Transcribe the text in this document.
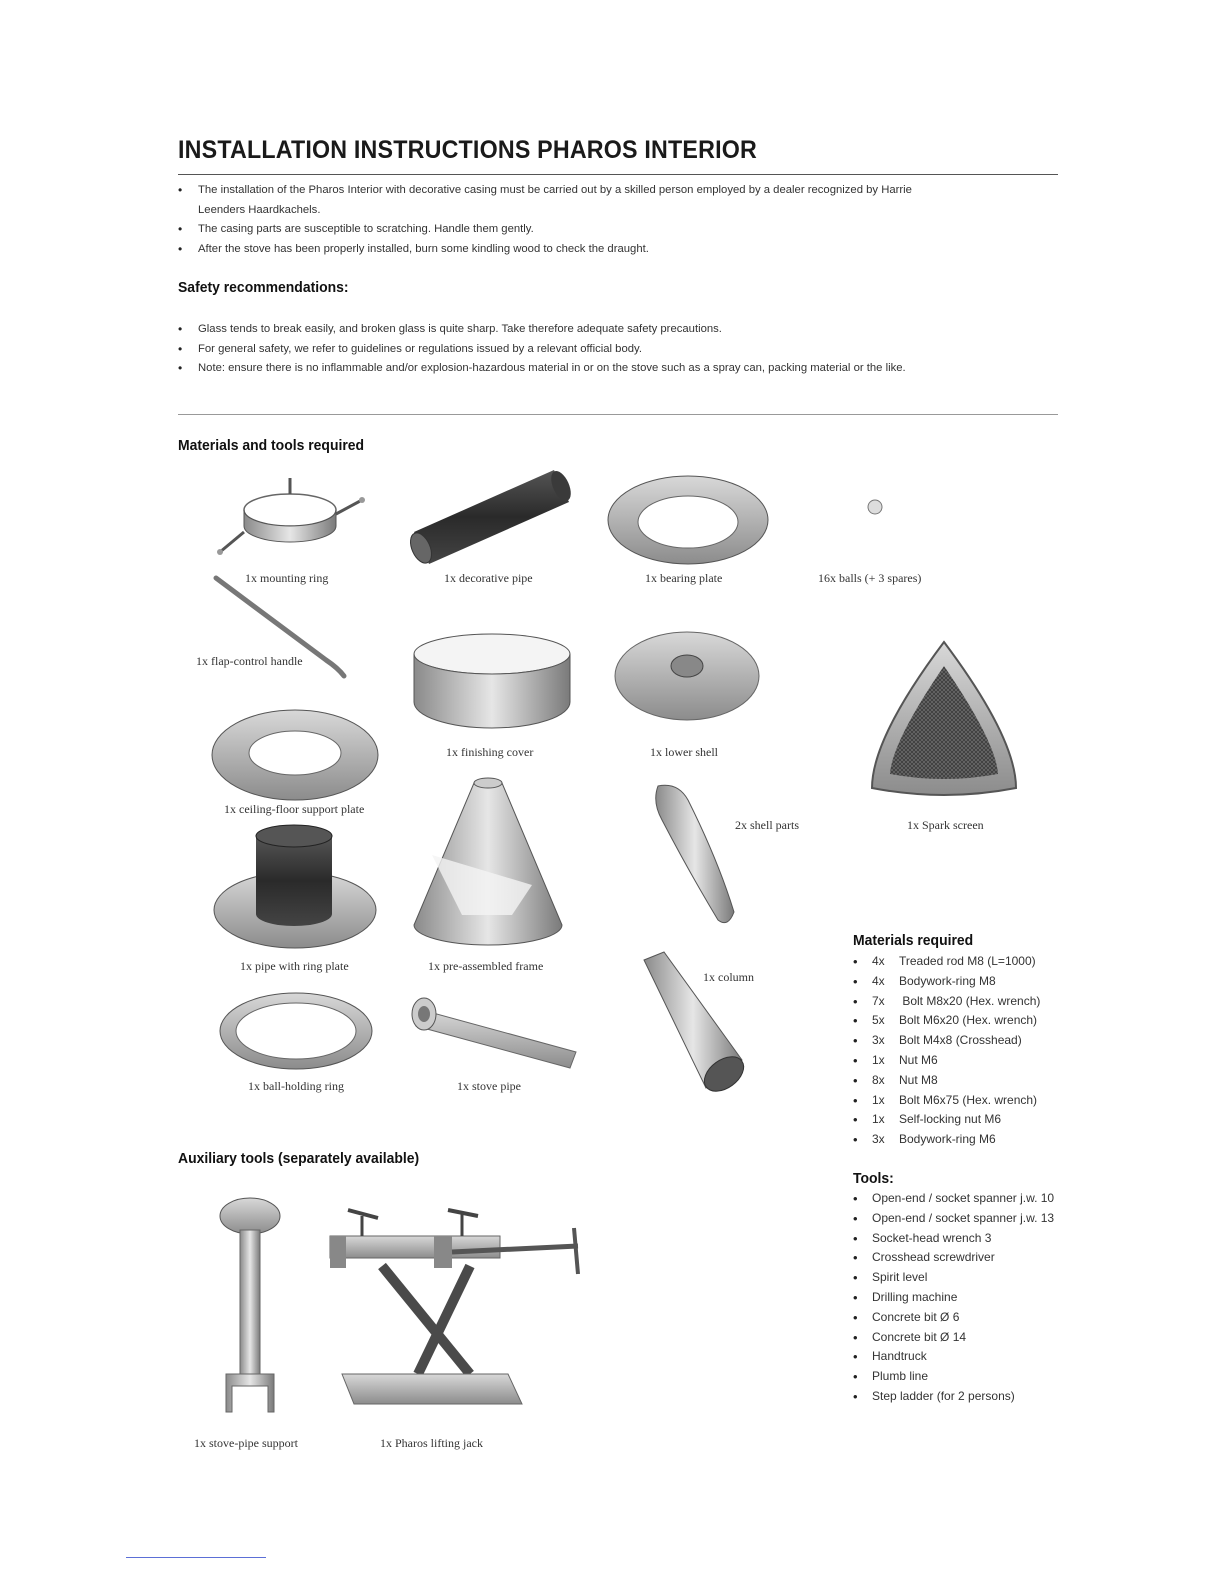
INSTALLATION INSTRUCTIONS PHAROS INTERIOR
• The installation of the Pharos Interior with decorative casing must be carried out by a skilled person employed by a dealer recognized by Harrie Leenders Haardkachels.
• The casing parts are susceptible to scratching. Handle them gently.
• After the stove has been properly installed, burn some kindling wood to check the draught.
Safety recommendations:
• Glass tends to break easily, and broken glass is quite sharp. Take therefore adequate safety precautions.
• For general safety, we refer to guidelines or regulations issued by a relevant official body.
• Note: ensure there is no inflammable and/or explosion-hazardous material in or on the stove such as a spray can, packing material or the like.
Materials and tools required
1x mounting ring	1x decorative pipe	1x bearing plate	16x balls (+ 3 spares)
1x flap-control handle
1x finishing cover	1x lower shell
1x Spark screen
1x ceiling-floor support plate
1x pre-assembled frame
2x shell parts
1x pipe with ring plate
1x column
1x ball-holding ring	1x stove pipe
Materials required
• 4x Treaded rod M8 (L=1000)
• 4x Bodywork-ring M8
• 7x Bolt M8x20 (Hex. wrench)
• 5x Bolt M6x20 (Hex. wrench)
• 3x Bolt M4x8 (Crosshead)
• 1x Nut M6
• 8x Nut M8
• 1x Bolt M6x75 (Hex. wrench)
• 1x Self-locking nut M6
• 3x Bodywork-ring M6
Tools:
• Open-end / socket spanner j.w. 10
• Open-end / socket spanner j.w. 13
• Socket-head wrench 3
• Crosshead screwdriver
• Spirit level
• Drilling machine
• Concrete bit Ø 6
• Concrete bit Ø 14
• Handtruck
• Plumb line
• Step ladder (for 2 persons)
Auxiliary tools (separately available)
1x stove-pipe support	1x Pharos lifting jack
